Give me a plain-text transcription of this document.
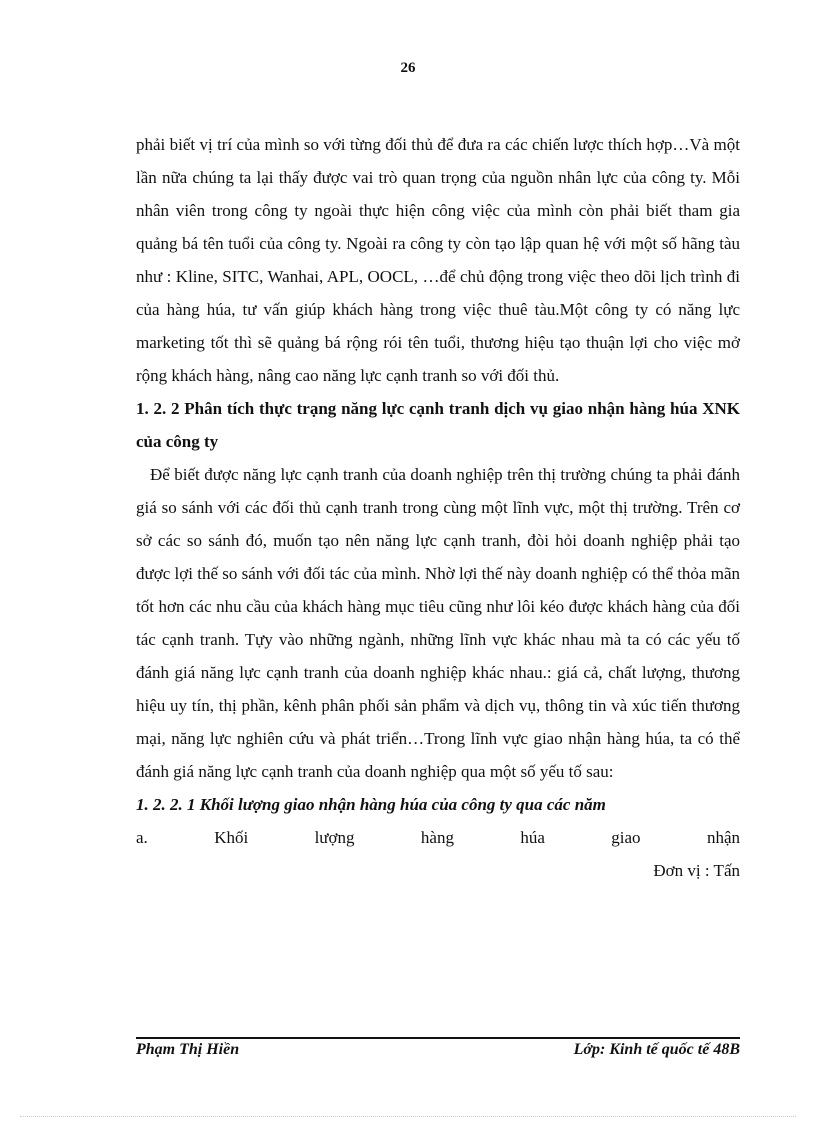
26

phải biết vị trí của mình so với từng đối thủ để đưa ra các chiến lược thích hợp…Và một lần nữa chúng ta lại thấy được vai trò quan trọng của nguồn nhân lực của công ty. Mỗi nhân viên trong công ty ngoài thực hiện công việc của mình còn phải biết tham gia quảng bá tên tuổi của công ty. Ngoài ra công ty còn tạo lập quan hệ với một số hãng tàu như : Kline, SITC, Wanhai, APL, OOCL, …để chủ động trong việc theo dõi lịch trình đi của hàng húa, tư vấn giúp khách hàng trong việc thuê tàu.Một công ty có năng lực marketing tốt thì sẽ quảng bá rộng rói tên tuổi, thương hiệu tạo thuận lợi cho việc mở rộng khách hàng, nâng cao năng lực cạnh tranh so với đối thủ.

1. 2. 2 Phân tích thực trạng năng lực cạnh tranh dịch vụ giao nhận hàng húa XNK của công ty

Để biết được năng lực cạnh tranh của doanh nghiệp trên thị trường chúng ta phải đánh giá so sánh với các đối thủ cạnh tranh trong cùng một lĩnh vực, một thị trường. Trên cơ sở các so sánh đó, muốn tạo nên năng lực cạnh tranh, đòi hỏi doanh nghiệp phải tạo được lợi thế so sánh với đối tác của mình. Nhờ lợi thế này doanh nghiệp có thể thỏa mãn tốt hơn các nhu cầu của khách hàng mục tiêu cũng như lôi kéo được khách hàng của đối tác cạnh tranh. Tựy vào những ngành, những lĩnh vực khác nhau mà ta có các yếu tố đánh giá năng lực cạnh tranh của doanh nghiệp khác nhau.: giá cả, chất lượng, thương hiệu uy tín, thị phần, kênh phân phối sản phẩm và dịch vụ, thông tin và xúc tiến thương mại, năng lực nghiên cứu và phát triển…Trong lĩnh vực giao nhận hàng húa, ta có thể đánh giá năng lực cạnh tranh của doanh nghiệp qua một số yếu tố sau:

1. 2. 2. 1 Khối lượng giao nhận hàng húa của công ty qua các năm

a.	Khối	lượng	hàng	húa	giao	nhận

Đơn vị : Tấn

Phạm Thị Hiền	Lớp: Kinh tế quốc tế 48B
